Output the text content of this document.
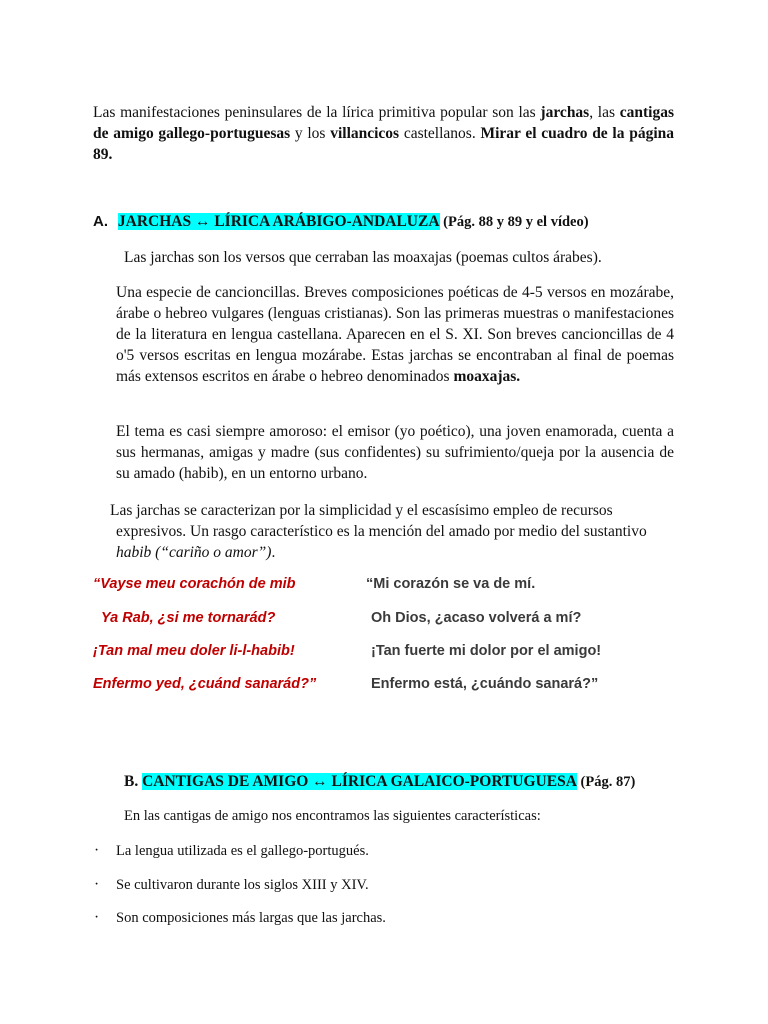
Las manifestaciones peninsulares de la lírica primitiva popular son las jarchas, las cantigas de amigo gallego-portuguesas y los villancicos castellanos. Mirar el cuadro de la página 89.

A. JARCHAS ↔ LÍRICA ARÁBIGO-ANDALUZA (Pág. 88 y 89 y el vídeo)

Las jarchas son los versos que cerraban las moaxajas (poemas cultos árabes).

Una especie de cancioncillas. Breves composiciones poéticas de 4-5 versos en mozárabe, árabe o hebreo vulgares (lenguas cristianas). Son las primeras muestras o manifestaciones de la literatura en lengua castellana. Aparecen en el S. XI. Son breves cancioncillas de 4 o'5 versos escritas en lengua mozárabe. Estas jarchas se encontraban al final de poemas más extensos escritos en árabe o hebreo denominados moaxajas.

El tema es casi siempre amoroso: el emisor (yo poético), una joven enamorada, cuenta a sus hermanas, amigas y madre (sus confidentes) su sufrimiento/queja por la ausencia de su amado (habib), en un entorno urbano.

Las jarchas se caracterizan por la simplicidad y el escasísimo empleo de recursos expresivos. Un rasgo característico es la mención del amado por medio del sustantivo habib (“cariño o amor”).

“Vayse meu corachón de mib	“Mi corazón se va de mí.
Ya Rab, ¿si me tornarád?	Oh Dios, ¿acaso volverá a mí?
¡Tan mal meu doler li-l-habib!	¡Tan fuerte mi dolor por el amigo!
Enfermo yed, ¿cuánd sanarád?”	Enfermo está, ¿cuándo sanará?”
B. CANTIGAS DE AMIGO ↔ LÍRICA GALAICO-PORTUGUESA (Pág. 87)

En las cantigas de amigo nos encontramos las siguientes características:

· La lengua utilizada es el gallego-portugués.
· Se cultivaron durante los siglos XIII y XIV.
· Son composiciones más largas que las jarchas.
